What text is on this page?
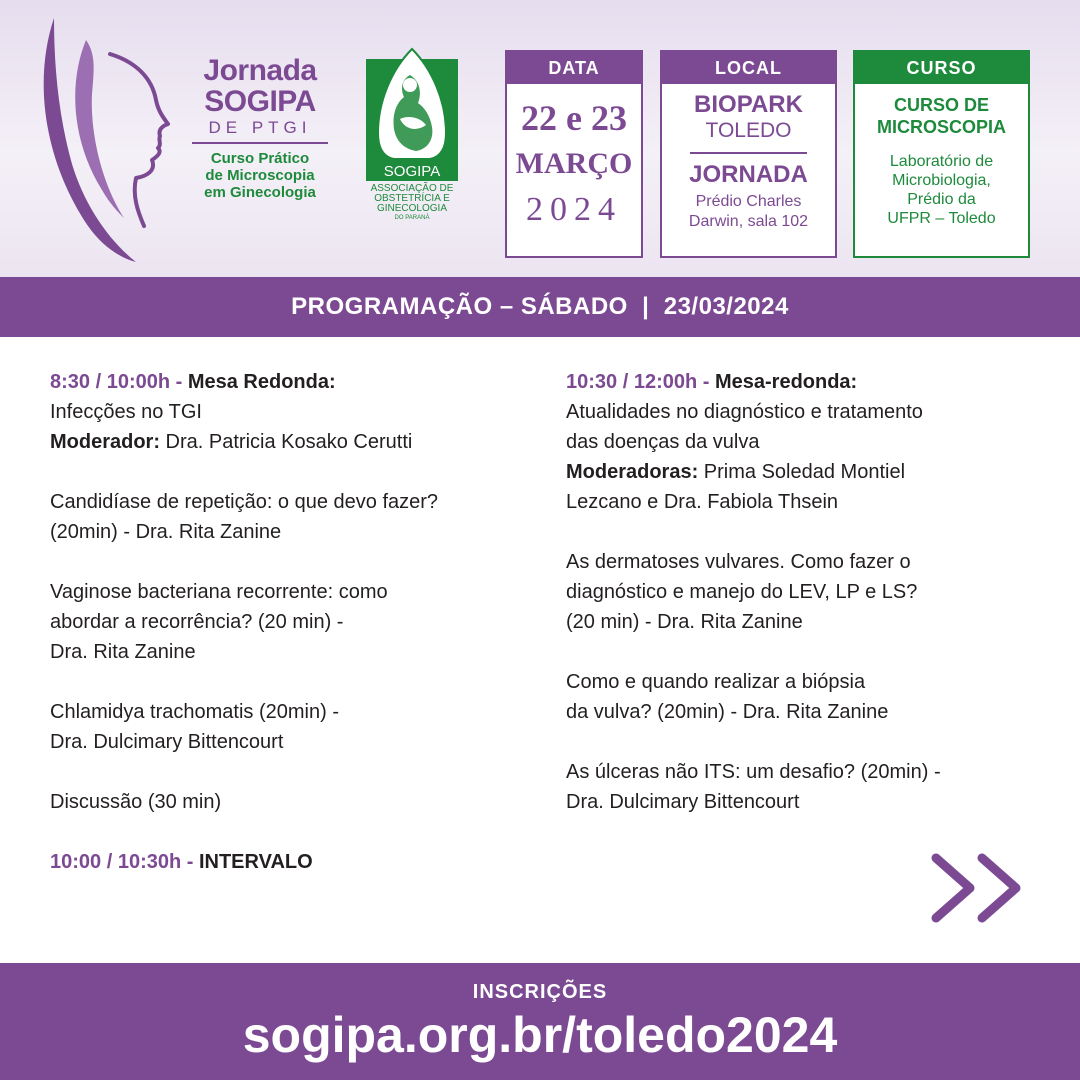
Jornada
SOGIPA
DE PTGI
Curso Prático
de Microscopia
em Ginecologia
SOGIPA
ASSOCIAÇÃO DE
OBSTETRÍCIA E
GINECOLOGIA
DO PARANÁ
DATA
22 e 23
MARÇO
2024
LOCAL
BIOPARK
TOLEDO
JORNADA
Prédio Charles
Darwin, sala 102
CURSO
CURSO DE
MICROSCOPIA
Laboratório de
Microbiologia,
Prédio da
UFPR – Toledo
PROGRAMAÇÃO – SÁBADO  |  23/03/2024
8:30 / 10:00h - Mesa Redonda:
Infecções no TGI
Moderador: Dra. Patricia Kosako Cerutti
Candidíase de repetição: o que devo fazer?
(20min) - Dra. Rita Zanine
Vaginose bacteriana recorrente: como
abordar a recorrência? (20 min) -
Dra. Rita Zanine
Chlamidya trachomatis (20min) -
Dra. Dulcimary Bittencourt
Discussão (30 min)
10:00 / 10:30h - INTERVALO
10:30 / 12:00h - Mesa-redonda:
Atualidades no diagnóstico e tratamento
das doenças da vulva
Moderadoras: Prima Soledad Montiel
Lezcano e Dra. Fabiola Thsein
As dermatoses vulvares. Como fazer o
diagnóstico e manejo do LEV, LP e LS?
(20 min) - Dra. Rita Zanine
Como e quando realizar a biópsia
da vulva? (20min) - Dra. Rita Zanine
As úlceras não ITS: um desafio? (20min) -
Dra. Dulcimary Bittencourt
INSCRIÇÕES
sogipa.org.br/toledo2024
